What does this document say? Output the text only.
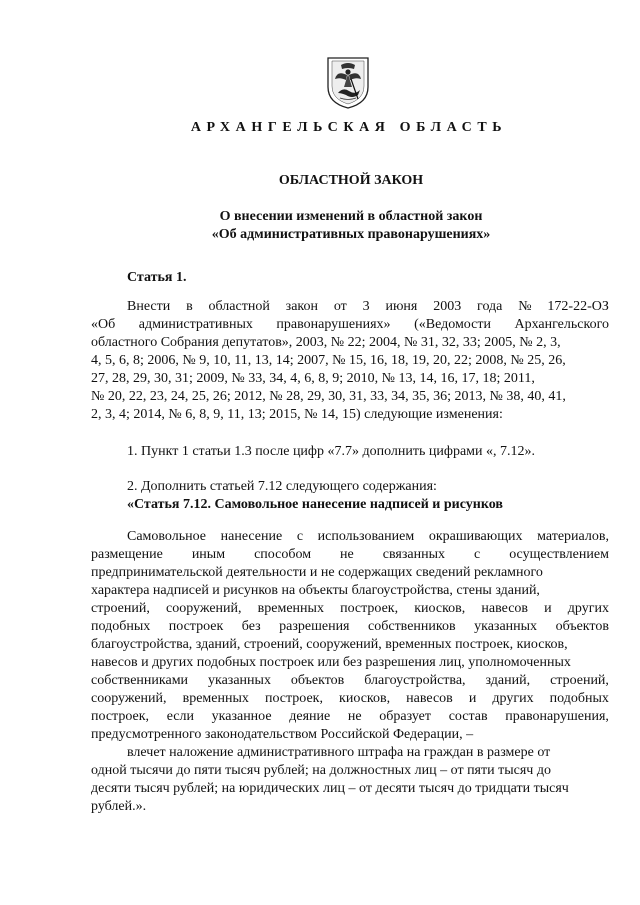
АРХАНГЕЛЬСКАЯ ОБЛАСТЬ
ОБЛАСТНОЙ ЗАКОН
О внесении изменений в областной закон
«Об административных правонарушениях»
Статья 1.
Внести в областной закон от 3 июня 2003 года № 172-22-ОЗ
«Об административных правонарушениях» («Ведомости Архангельского
областного Собрания депутатов», 2003, № 22; 2004, № 31, 32, 33; 2005, № 2, 3,
4, 5, 6, 8; 2006, № 9, 10, 11, 13, 14; 2007, № 15, 16, 18, 19, 20, 22; 2008, № 25, 26,
27, 28, 29, 30, 31; 2009, № 33, 34, 4, 6, 8, 9; 2010, № 13, 14, 16, 17, 18; 2011,
№ 20, 22, 23, 24, 25, 26; 2012, № 28, 29, 30, 31, 33, 34, 35, 36; 2013, № 38, 40, 41,
2, 3, 4; 2014, № 6, 8, 9, 11, 13; 2015, № 14, 15) следующие изменения:
1. Пункт 1 статьи 1.3 после цифр «7.7» дополнить цифрами «, 7.12».
2. Дополнить статьей 7.12 следующего содержания:
«Статья 7.12. Самовольное нанесение надписей и рисунков
Самовольное нанесение с использованием окрашивающих материалов,
размещение иным способом не связанных с осуществлением
предпринимательской деятельности и не содержащих сведений рекламного
характера надписей и рисунков на объекты благоустройства, стены зданий,
строений, сооружений, временных построек, киосков, навесов и других
подобных построек без разрешения собственников указанных объектов
благоустройства, зданий, строений, сооружений, временных построек, киосков,
навесов и других подобных построек или без разрешения лиц, уполномоченных
собственниками указанных объектов благоустройства, зданий, строений,
сооружений, временных построек, киосков, навесов и других подобных
построек, если указанное деяние не образует состав правонарушения,
предусмотренного законодательством Российской Федерации, –
влечет наложение административного штрафа на граждан в размере от
одной тысячи до пяти тысяч рублей; на должностных лиц – от пяти тысяч до
десяти тысяч рублей; на юридических лиц – от десяти тысяч до тридцати тысяч
рублей.».
